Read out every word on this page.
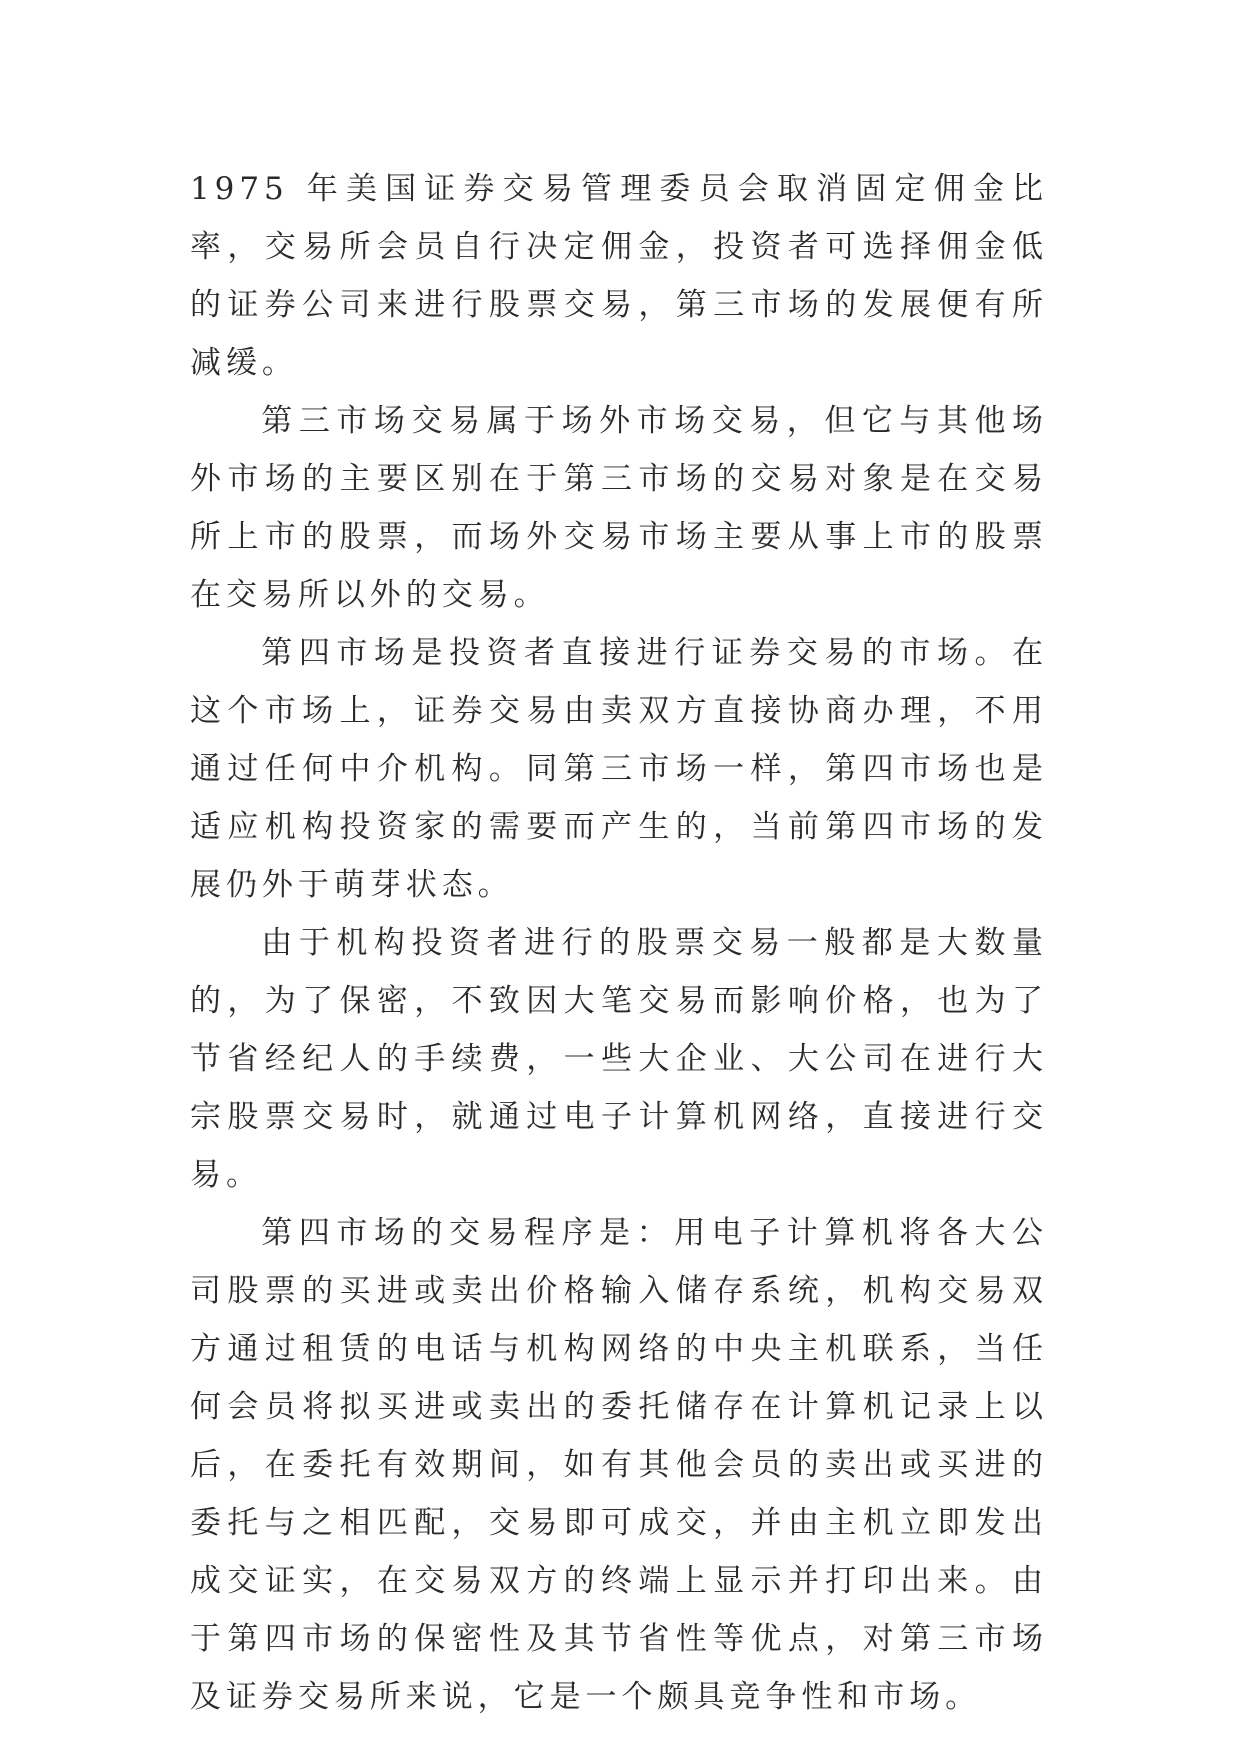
1975 年美国证券交易管理委员会取消固定佣金比率，交易所会员自行决定佣金，投资者可选择佣金低的证券公司来进行股票交易，第三市场的发展便有所减缓。

第三市场交易属于场外市场交易，但它与其他场外市场的主要区别在于第三市场的交易对象是在交易所上市的股票，而场外交易市场主要从事上市的股票在交易所以外的交易。

第四市场是投资者直接进行证券交易的市场。在这个市场上，证券交易由卖双方直接协商办理，不用通过任何中介机构。同第三市场一样，第四市场也是适应机构投资家的需要而产生的，当前第四市场的发展仍外于萌芽状态。

由于机构投资者进行的股票交易一般都是大数量的，为了保密，不致因大笔交易而影响价格，也为了节省经纪人的手续费，一些大企业、大公司在进行大宗股票交易时，就通过电子计算机网络，直接进行交易。

第四市场的交易程序是：用电子计算机将各大公司股票的买进或卖出价格输入储存系统，机构交易双方通过租赁的电话与机构网络的中央主机联系，当任何会员将拟买进或卖出的委托储存在计算机记录上以后，在委托有效期间，如有其他会员的卖出或买进的委托与之相匹配，交易即可成交，并由主机立即发出成交证实，在交易双方的终端上显示并打印出来。由于第四市场的保密性及其节省性等优点，对第三市场及证券交易所来说，它是一个颇具竞争性和市场。
